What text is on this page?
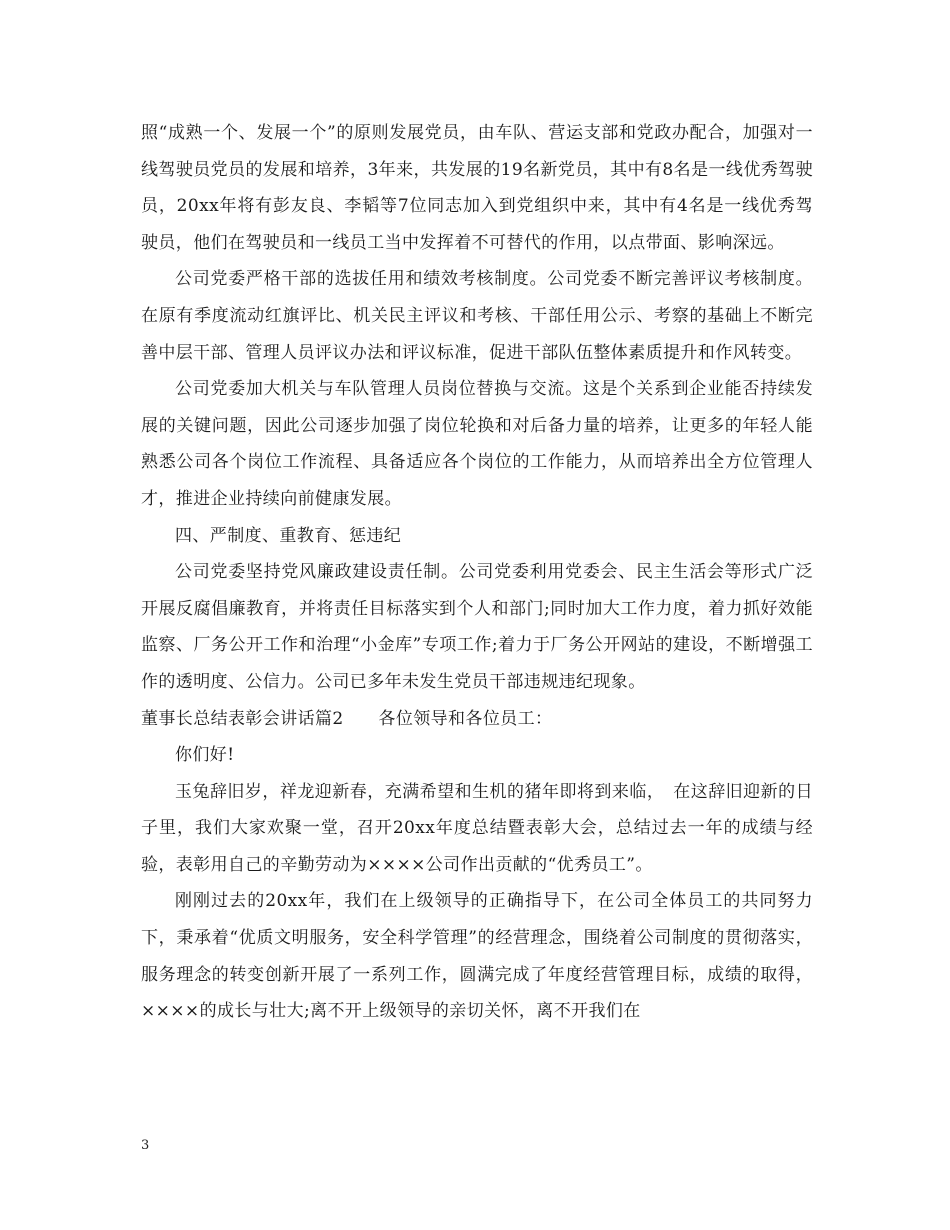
照“成熟一个、发展一个”的原则发展党员，由车队、营运支部和党政办配合，加强对一线驾驶员党员的发展和培养，3年来，共发展的19名新党员，其中有8名是一线优秀驾驶员，20xx年将有彭友良、李韬等7位同志加入到党组织中来，其中有4名是一线优秀驾驶员，他们在驾驶员和一线员工当中发挥着不可替代的作用，以点带面、影响深远。

公司党委严格干部的选拔任用和绩效考核制度。公司党委不断完善评议考核制度。在原有季度流动红旗评比、机关民主评议和考核、干部任用公示、考察的基础上不断完善中层干部、管理人员评议办法和评议标准，促进干部队伍整体素质提升和作风转变。

公司党委加大机关与车队管理人员岗位替换与交流。这是个关系到企业能否持续发展的关键问题，因此公司逐步加强了岗位轮换和对后备力量的培养，让更多的年轻人能熟悉公司各个岗位工作流程、具备适应各个岗位的工作能力，从而培养出全方位管理人才，推进企业持续向前健康发展。

四、严制度、重教育、惩违纪

公司党委坚持党风廉政建设责任制。公司党委利用党委会、民主生活会等形式广泛开展反腐倡廉教育，并将责任目标落实到个人和部门;同时加大工作力度，着力抓好效能监察、厂务公开工作和治理“小金库”专项工作;着力于厂务公开网站的建设，不断增强工作的透明度、公信力。公司已多年未发生党员干部违规违纪现象。

董事长总结表彰会讲话篇2　　各位领导和各位员工：

你们好!

玉兔辞旧岁，祥龙迎新春，充满希望和生机的猪年即将到来临，　在这辞旧迎新的日子里，我们大家欢聚一堂，召开20xx年度总结暨表彰大会，总结过去一年的成绩与经验，表彰用自己的辛勤劳动为××××公司作出贡献的“优秀员工”。

刚刚过去的20xx年，我们在上级领导的正确指导下，在公司全体员工的共同努力下，秉承着“优质文明服务，安全科学管理”的经营理念，围绕着公司制度的贯彻落实，服务理念的转变创新开展了一系列工作，圆满完成了年度经营管理目标，成绩的取得，××××的成长与壮大;离不开上级领导的亲切关怀，离不开我们在

3
